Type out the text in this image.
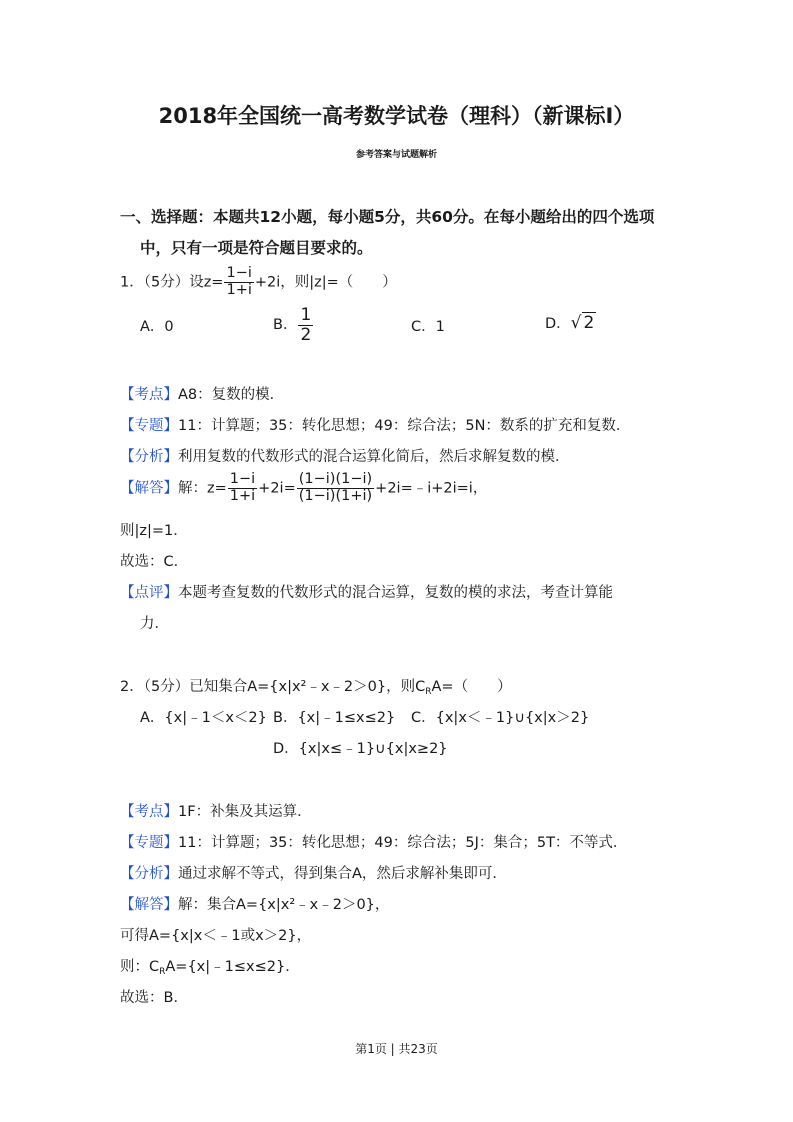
2018年全国统一高考数学试卷（理科）（新课标Ⅰ）
参考答案与试题解析
一、选择题：本题共12小题，每小题5分，共60分。在每小题给出的四个选项
中，只有一项是符合题目要求的。
1．（5分）设$z= \frac{1-i}{1+i} +2i$，则|z|=（　　）
A．0	B． $\frac{1}{2}$	C．1	D．√ 2
【考点】A8：复数的模．
【专题】11：计算题；35：转化思想；49：综合法；5N：数系的扩充和复数．
【分析】利用复数的代数形式的混合运算化简后，然后求解复数的模．
【解答】解：$z= \frac{1-i}{1+i} +2i= \frac{(1-i)(1-i)}{(1-i)(1+i)}$ +2i=﹣i+2i=i，
则|z|=1．
故选：C．
【点评】本题考查复数的代数形式的混合运算，复数的模的求法，考查计算能
力．
2．（5分）已知集合A={x|x²﹣x﹣2＞0}，则$C_RA=$（　　）
A．{x|﹣1＜x＜2} B．{x|﹣1≤x≤2} C．{x|x＜﹣1}∪{x|x＞2}
D．{x|x≤﹣1}∪{x|x≥2}
【考点】1F：补集及其运算．
【专题】11：计算题；35：转化思想；49：综合法；5J：集合；5T：不等式．
【分析】通过求解不等式，得到集合A，然后求解补集即可．
【解答】解：集合A={x|x²﹣x﹣2＞0}，
可得A={x|x＜﹣1或x＞2}，
则：$C_RA=\{x|﹣1\le x\le 2\}$．
故选：B．
第1页 | 共23页
